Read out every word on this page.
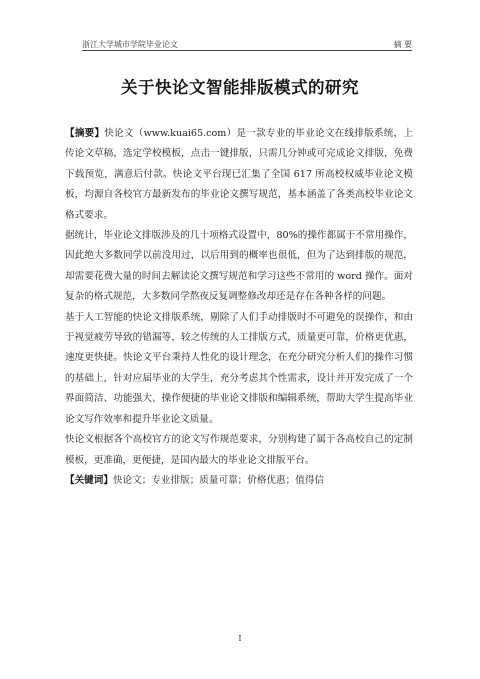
浙江大学城市学院毕业论文	摘 要
关于快论文智能排版模式的研究

【摘要】快论文（www.kuai65.com）是一款专业的毕业论文在线排版系统，上传论文草稿，选定学校模板，点击一键排版，只需几分钟或可完成论文排版，免费下载预览，满意后付款。快论文平台现已汇集了全国 617 所高校权威毕业论文模板，均源自各校官方最新发布的毕业论文撰写规范，基本涵盖了各类高校毕业论文格式要求。

据统计，毕业论文排版涉及的几十项格式设置中，80%的操作都属于不常用操作，因此绝大多数同学以前没用过，以后用到的概率也很低，但为了达到排版的规范，却需要花费大量的时间去解读论文撰写规范和学习这些不常用的 word 操作。面对复杂的格式规范，大多数同学熬夜反复调整修改却还是存在各种各样的问题。

基于人工智能的快论文排版系统，剔除了人们手动排版时不可避免的误操作，和由于视觉疲劳导致的错漏等，较之传统的人工排版方式，质量更可靠，价格更优惠，速度更快捷。快论文平台秉持人性化的设计理念，在充分研究分析人们的操作习惯的基础上，针对应届毕业的大学生，充分考虑其个性需求，设计并开发完成了一个界面简洁、功能强大、操作便捷的毕业论文排版和编辑系统，帮助大学生提高毕业论文写作效率和提升毕业论文质量。

快论文根据各个高校官方的论文写作规范要求，分别构建了属于各高校自己的定制模板，更准确，更便捷，是国内最大的毕业论文排版平台。

【关键词】快论文；专业排版；质量可靠；价格优惠；值得信

I
